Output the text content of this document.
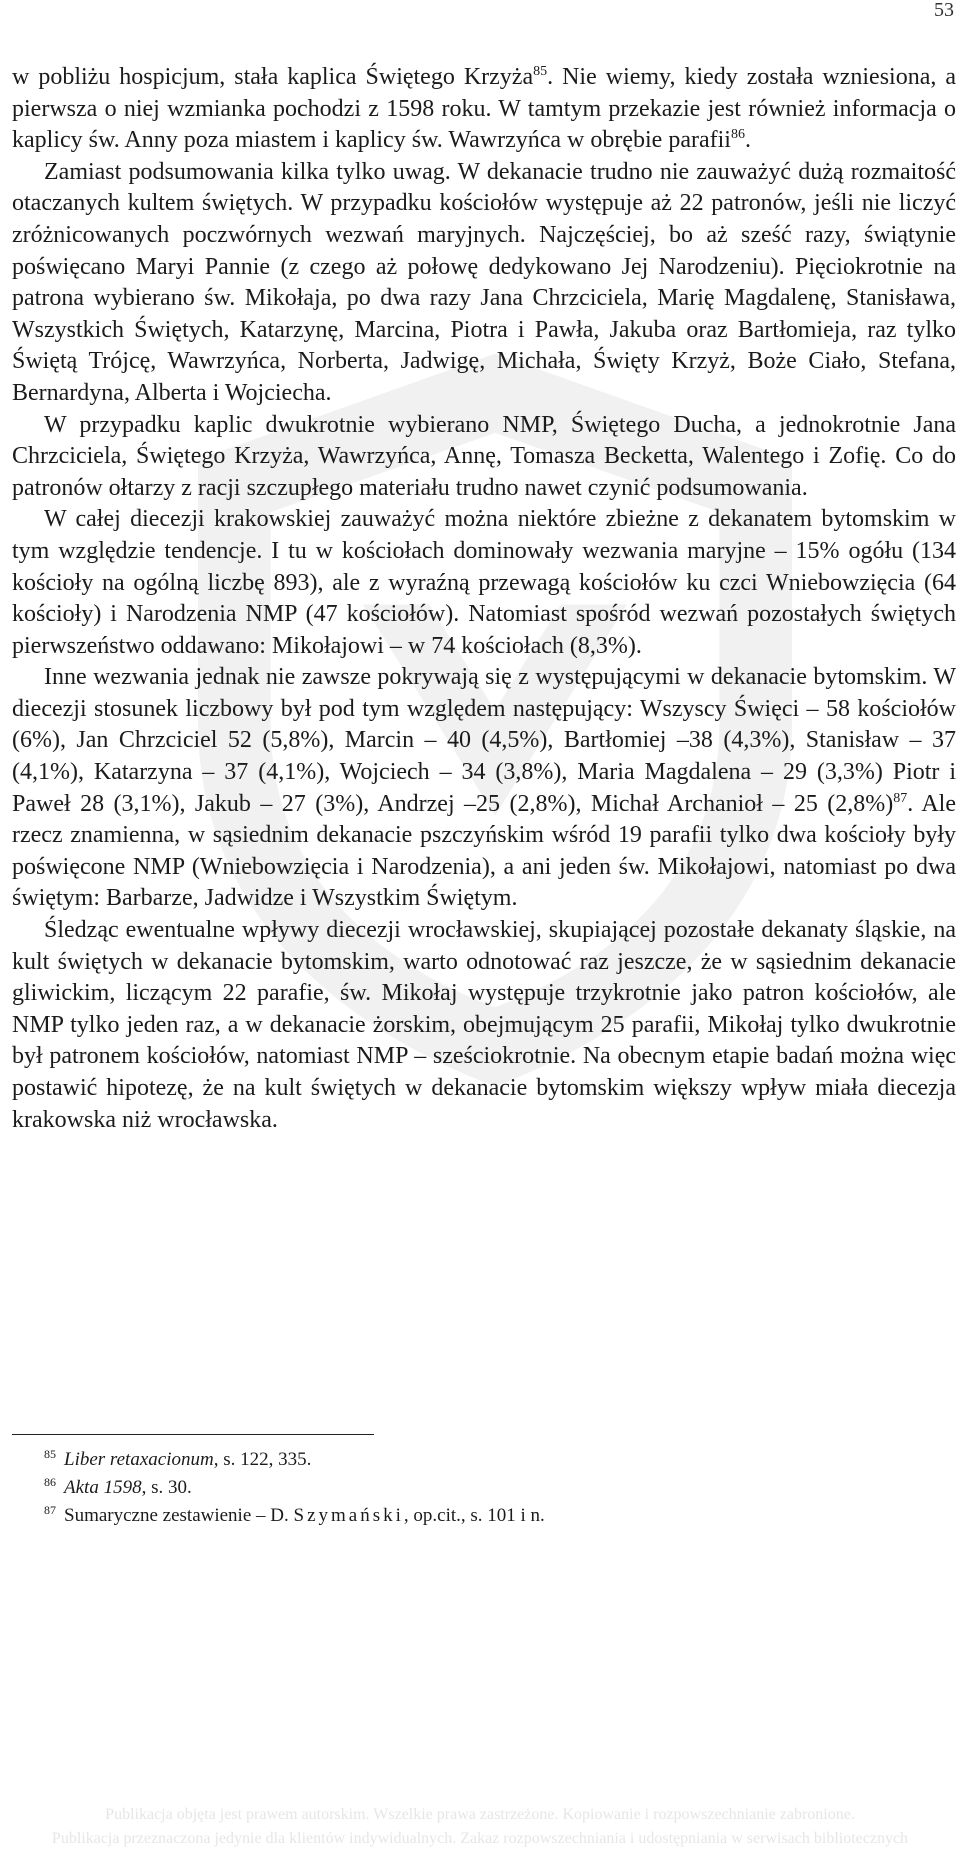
53

w pobliżu hospicjum, stała kaplica Świętego Krzyża$^{85}$. Nie wiemy, kiedy została wzniesiona, a pierwsza o niej wzmianka pochodzi z 1598 roku. W tamtym przekazie jest również informacja o kaplicy św. Anny poza miastem i kaplicy św. Wawrzyńca w obrębie parafii$^{86}$.

Zamiast podsumowania kilka tylko uwag. W dekanacie trudno nie zauważyć dużą rozmaitość otaczanych kultem świętych. W przypadku kościołów występuje aż 22 patronów, jeśli nie liczyć zróżnicowanych poczwórnych wezwań maryjnych. Najczęściej, bo aż sześć razy, świątynie poświęcano Maryi Pannie (z czego aż połowę dedykowano Jej Narodzeniu). Pięciokrotnie na patrona wybierano św. Mikołaja, po dwa razy Jana Chrzciciela, Marię Magdalenę, Stanisława, Wszystkich Świętych, Katarzynę, Marcina, Piotra i Pawła, Jakuba oraz Bartłomieja, raz tylko Świętą Trójcę, Wawrzyńca, Norberta, Jadwigę, Michała, Święty Krzyż, Boże Ciało, Stefana, Bernardyna, Alberta i Wojciecha.

W przypadku kaplic dwukrotnie wybierano NMP, Świętego Ducha, a jednokrotnie Jana Chrzciciela, Świętego Krzyża, Wawrzyńca, Annę, Tomasza Becketta, Walentego i Zofię. Co do patronów ołtarzy z racji szczupłego materiału trudno nawet czynić podsumowania.

W całej diecezji krakowskiej zauważyć można niektóre zbieżne z dekanatem bytomskim w tym względzie tendencje. I tu w kościołach dominowały wezwania maryjne – 15% ogółu (134 kościoły na ogólną liczbę 893), ale z wyraźną przewagą kościołów ku czci Wniebowzięcia (64 kościoły) i Narodzenia NMP (47 kościołów). Natomiast spośród wezwań pozostałych świętych pierwszeństwo oddawano: Mikołajowi – w 74 kościołach (8,3%).

Inne wezwania jednak nie zawsze pokrywają się z występującymi w dekanacie bytomskim. W diecezji stosunek liczbowy był pod tym względem następujący: Wszyscy Święci – 58 kościołów (6%), Jan Chrzciciel 52 (5,8%), Marcin – 40 (4,5%), Bartłomiej –38 (4,3%), Stanisław – 37 (4,1%), Katarzyna – 37 (4,1%), Wojciech – 34 (3,8%), Maria Magdalena – 29 (3,3%) Piotr i Paweł 28 (3,1%), Jakub – 27 (3%), Andrzej –25 (2,8%), Michał Archanioł – 25 $(2,8\%)^{87}$. Ale rzecz znamienna, w sąsiednim dekanacie pszczyńskim wśród 19 parafii tylko dwa kościoły były poświęcone NMP (Wniebowzięcia i Narodzenia), a ani jeden św. Mikołajowi, natomiast po dwa świętym: Barbarze, Jadwidze i Wszystkim Świętym.

Śledząc ewentualne wpływy diecezji wrocławskiej, skupiającej pozostałe dekanaty śląskie, na kult świętych w dekanacie bytomskim, warto odnotować raz jeszcze, że w sąsiednim dekanacie gliwickim, liczącym 22 parafie, św. Mikołaj występuje trzykrotnie jako patron kościołów, ale NMP tylko jeden raz, a w dekanacie żorskim, obejmującym 25 parafii, Mikołaj tylko dwukrotnie był patronem kościołów, natomiast NMP – sześciokrotnie. Na obecnym etapie badań można więc postawić hipotezę, że na kult świętych w dekanacie bytomskim większy wpływ miała diecezja krakowska niż wrocławska.

$^{85}$ Liber retaxacionum, s. 122, 335.

$^{86}$ Akta 1598, s. 30.

$^{87}$ Sumaryczne zestawienie – D. Szymański, op.cit., s. 101 i n.

Publikacja objęta jest prawem autorskim. Wszelkie prawa zastrzeżone. Kopiowanie i rozpowszechnianie zabronione.
Publikacja przeznaczona jedynie dla klientów indywidualnych. Zakaz rozpowszechniania i udostępniania w serwisach bibliotecznych
